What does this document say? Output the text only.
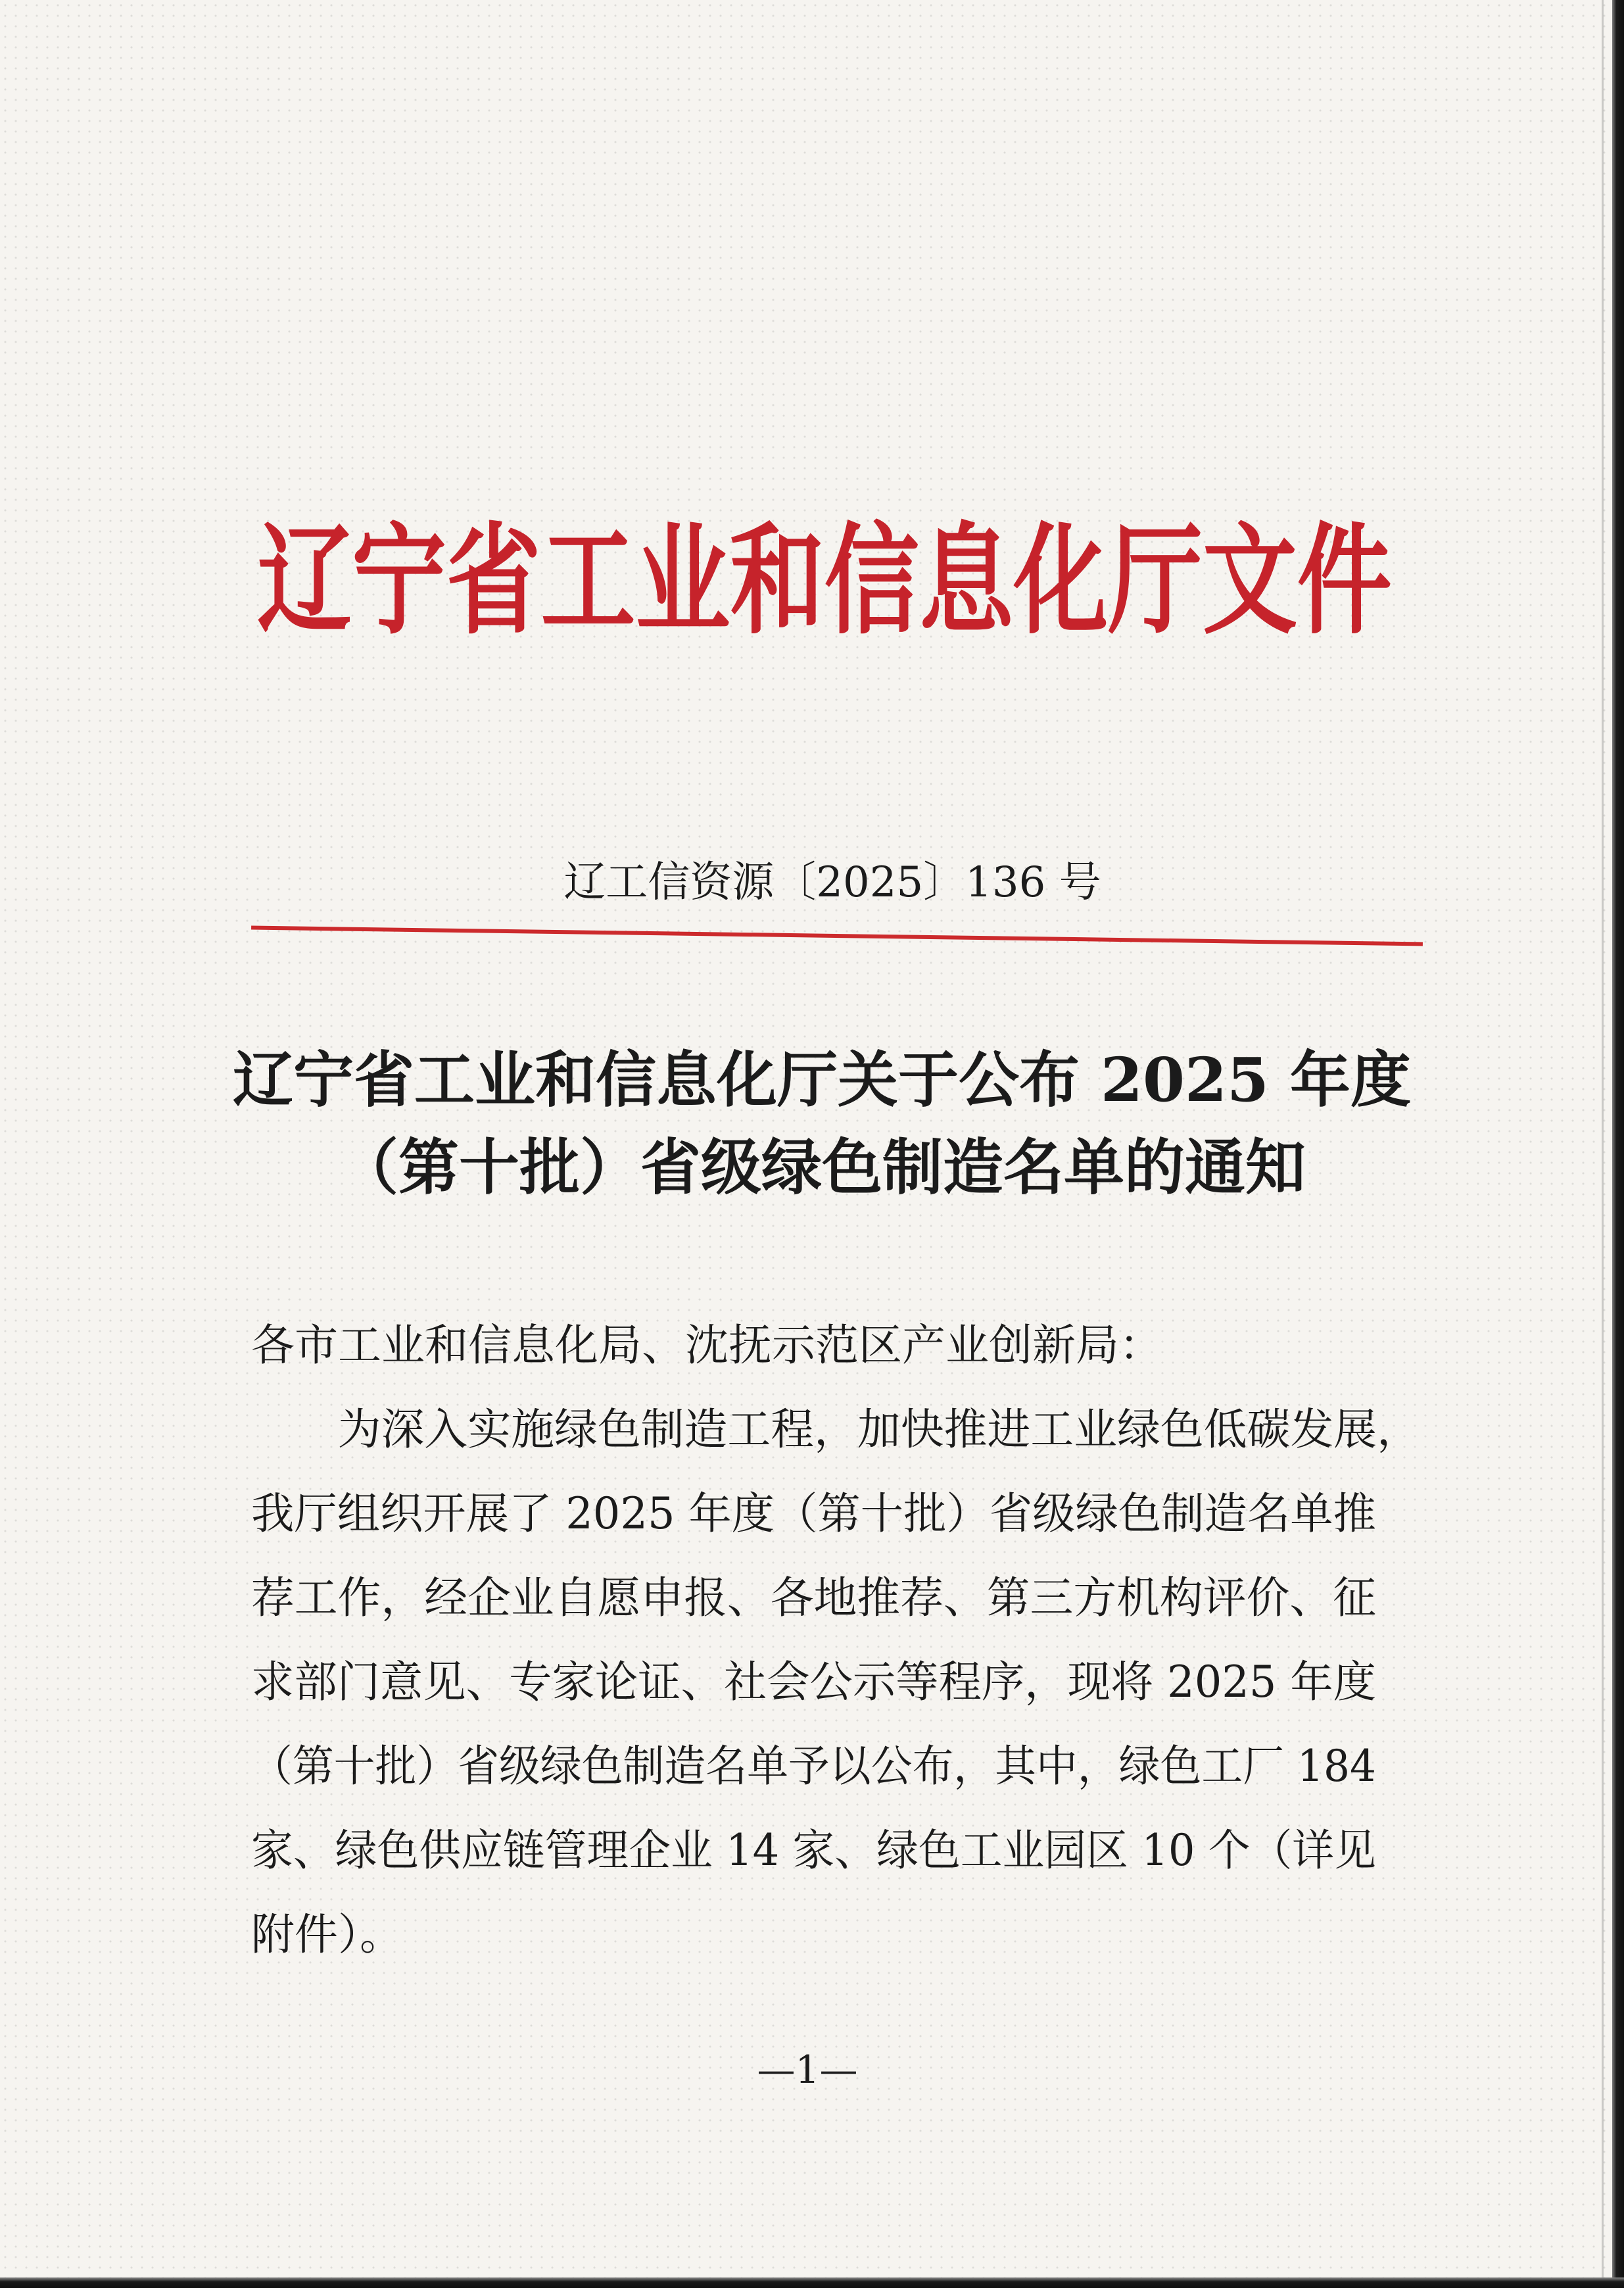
辽宁省工业和信息化厅文件
辽工信资源〔2025〕136 号
辽宁省工业和信息化厅关于公布 2025 年度
（第十批）省级绿色制造名单的通知
各市工业和信息化局、沈抚示范区产业创新局：
为深入实施绿色制造工程，加快推进工业绿色低碳发展，
我厅组织开展了 2025 年度（第十批）省级绿色制造名单推
荐工作，经企业自愿申报、各地推荐、第三方机构评价、征
求部门意见、专家论证、社会公示等程序，现将 2025 年度
（第十批）省级绿色制造名单予以公布，其中，绿色工厂 184
家、绿色供应链管理企业 14 家、绿色工业园区 10 个（详见
附件）。
—1—
